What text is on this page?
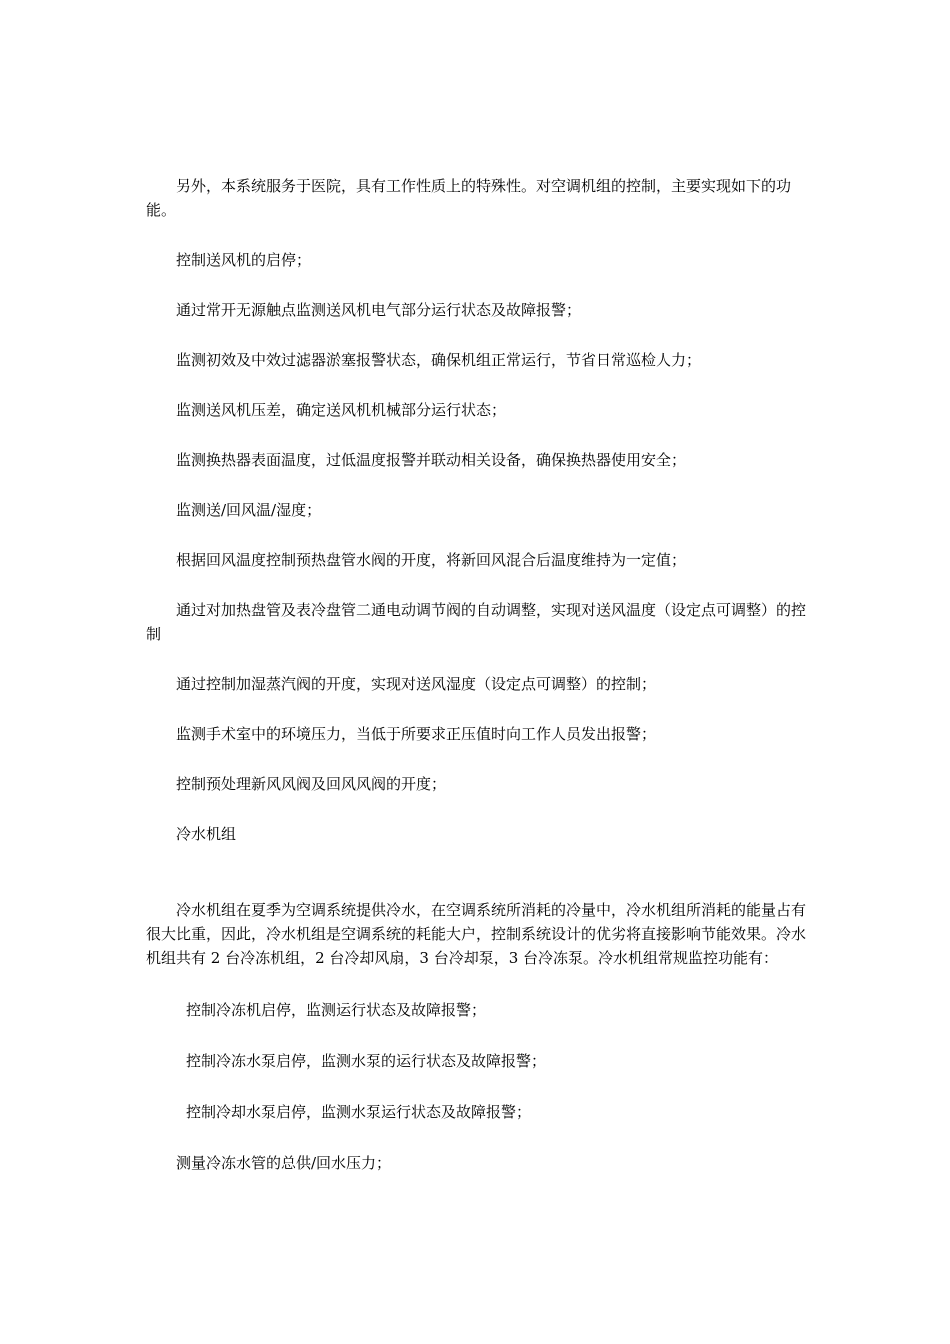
另外，本系统服务于医院，具有工作性质上的特殊性。对空调机组的控制，主要实现如下的功能。

控制送风机的启停；

通过常开无源触点监测送风机电气部分运行状态及故障报警；

监测初效及中效过滤器淤塞报警状态，确保机组正常运行，节省日常巡检人力；

监测送风机压差，确定送风机机械部分运行状态；

监测换热器表面温度，过低温度报警并联动相关设备，确保换热器使用安全；

监测送/回风温/湿度；

根据回风温度控制预热盘管水阀的开度，将新回风混合后温度维持为一定值；

通过对加热盘管及表冷盘管二通电动调节阀的自动调整，实现对送风温度（设定点可调整）的控制

通过控制加湿蒸汽阀的开度，实现对送风湿度（设定点可调整）的控制；

监测手术室中的环境压力，当低于所要求正压值时向工作人员发出报警；

控制预处理新风风阀及回风风阀的开度；

冷水机组

冷水机组在夏季为空调系统提供冷水，在空调系统所消耗的冷量中，冷水机组所消耗的能量占有很大比重，因此，冷水机组是空调系统的耗能大户，控制系统设计的优劣将直接影响节能效果。冷水机组共有 2 台冷冻机组，2 台冷却风扇，3 台冷却泵，3 台冷冻泵。冷水机组常规监控功能有：

控制冷冻机启停，监测运行状态及故障报警；

控制冷冻水泵启停，监测水泵的运行状态及故障报警；

控制冷却水泵启停，监测水泵运行状态及故障报警；

测量冷冻水管的总供/回水压力；
